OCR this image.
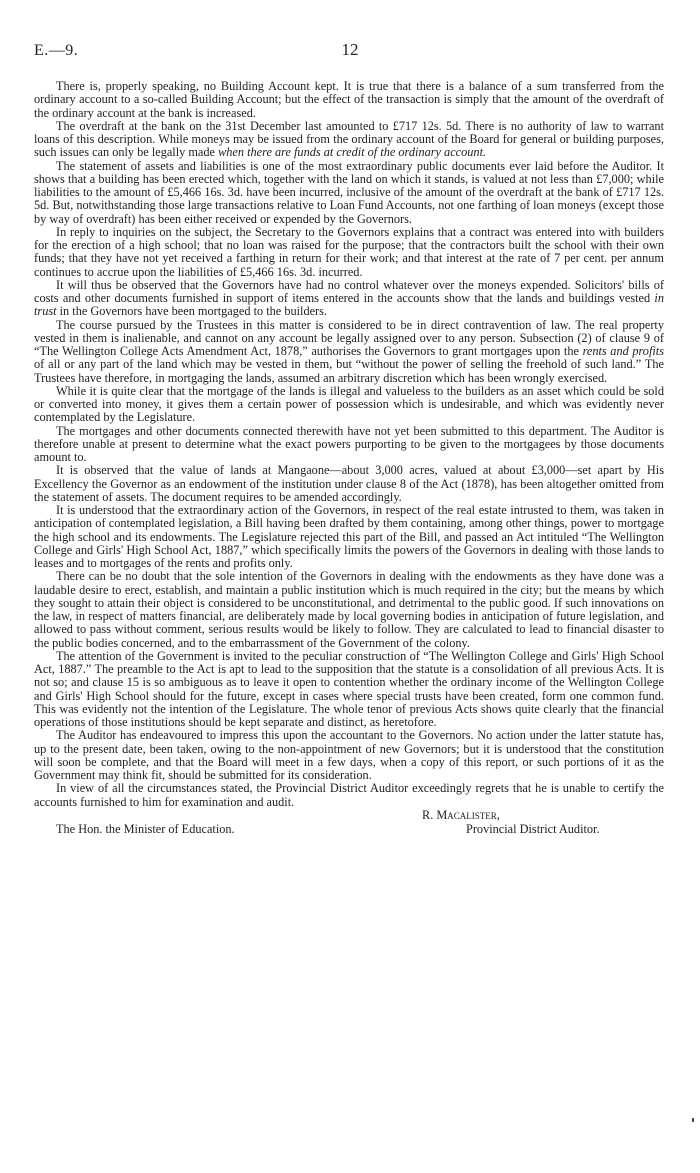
12
E.—9.

There is, properly speaking, no Building Account kept. It is true that there is a balance of a sum transferred from the ordinary account to a so-called Building Account; but the effect of the transaction is simply that the amount of the overdraft of the ordinary account at the bank is increased.

The overdraft at the bank on the 31st December last amounted to £717 12s. 5d. There is no authority of law to warrant loans of this description. While moneys may be issued from the ordinary account of the Board for general or building purposes, such issues can only be legally made when there are funds at credit of the ordinary account.

The statement of assets and liabilities is one of the most extraordinary public documents ever laid before the Auditor. It shows that a building has been erected which, together with the land on which it stands, is valued at not less than £7,000; while liabilities to the amount of £5,466 16s. 3d. have been incurred, inclusive of the amount of the overdraft at the bank of £717 12s. 5d. But, notwithstanding those large transactions relative to Loan Fund Accounts, not one farthing of loan moneys (except those by way of overdraft) has been either received or expended by the Governors.

In reply to inquiries on the subject, the Secretary to the Governors explains that a contract was entered into with builders for the erection of a high school; that no loan was raised for the purpose; that the contractors built the school with their own funds; that they have not yet received a farthing in return for their work; and that interest at the rate of 7 per cent. per annum continues to accrue upon the liabilities of £5,466 16s. 3d. incurred.

It will thus be observed that the Governors have had no control whatever over the moneys expended. Solicitors' bills of costs and other documents furnished in support of items entered in the accounts show that the lands and buildings vested in trust in the Governors have been mortgaged to the builders.

The course pursued by the Trustees in this matter is considered to be in direct contravention of law. The real property vested in them is inalienable, and cannot on any account be legally assigned over to any person. Subsection (2) of clause 9 of “The Wellington College Acts Amendment Act, 1878,” authorises the Governors to grant mortgages upon the rents and profits of all or any part of the land which may be vested in them, but “without the power of selling the freehold of such land.” The Trustees have therefore, in mortgaging the lands, assumed an arbitrary discretion which has been wrongly exercised.

While it is quite clear that the mortgage of the lands is illegal and valueless to the builders as an asset which could be sold or converted into money, it gives them a certain power of possession which is undesirable, and which was evidently never contemplated by the Legislature.

The mortgages and other documents connected therewith have not yet been submitted to this department. The Auditor is therefore unable at present to determine what the exact powers purporting to be given to the mortgagees by those documents amount to.

It is observed that the value of lands at Mangaone—about 3,000 acres, valued at about £3,000—set apart by His Excellency the Governor as an endowment of the institution under clause 8 of the Act (1878), has been altogether omitted from the statement of assets. The document requires to be amended accordingly.

It is understood that the extraordinary action of the Governors, in respect of the real estate intrusted to them, was taken in anticipation of contemplated legislation, a Bill having been drafted by them containing, among other things, power to mortgage the high school and its endowments. The Legislature rejected this part of the Bill, and passed an Act intituled “The Wellington College and Girls' High School Act, 1887,” which specifically limits the powers of the Governors in dealing with those lands to leases and to mortgages of the rents and profits only.

There can be no doubt that the sole intention of the Governors in dealing with the endowments as they have done was a laudable desire to erect, establish, and maintain a public institution which is much required in the city; but the means by which they sought to attain their object is considered to be unconstitutional, and detrimental to the public good. If such innovations on the law, in respect of matters financial, are deliberately made by local governing bodies in anticipation of future legislation, and allowed to pass without comment, serious results would be likely to follow. They are calculated to lead to financial disaster to the public bodies concerned, and to the embarrassment of the Government of the colony.

The attention of the Government is invited to the peculiar construction of “The Wellington College and Girls' High School Act, 1887.” The preamble to the Act is apt to lead to the supposition that the statute is a consolidation of all previous Acts. It is not so; and clause 15 is so ambiguous as to leave it open to contention whether the ordinary income of the Wellington College and Girls' High School should for the future, except in cases where special trusts have been created, form one common fund. This was evidently not the intention of the Legislature. The whole tenor of previous Acts shows quite clearly that the financial operations of those institutions should be kept separate and distinct, as heretofore.

The Auditor has endeavoured to impress this upon the accountant to the Governors. No action under the latter statute has, up to the present date, been taken, owing to the non-appointment of new Governors; but it is understood that the constitution will soon be complete, and that the Board will meet in a few days, when a copy of this report, or such portions of it as the Government may think fit, should be submitted for its consideration.

In view of all the circumstances stated, the Provincial District Auditor exceedingly regrets that he is unable to certify the accounts furnished to him for examination and audit.

R. Macalister,
The Hon. the Minister of Education.	Provincial District Auditor.
